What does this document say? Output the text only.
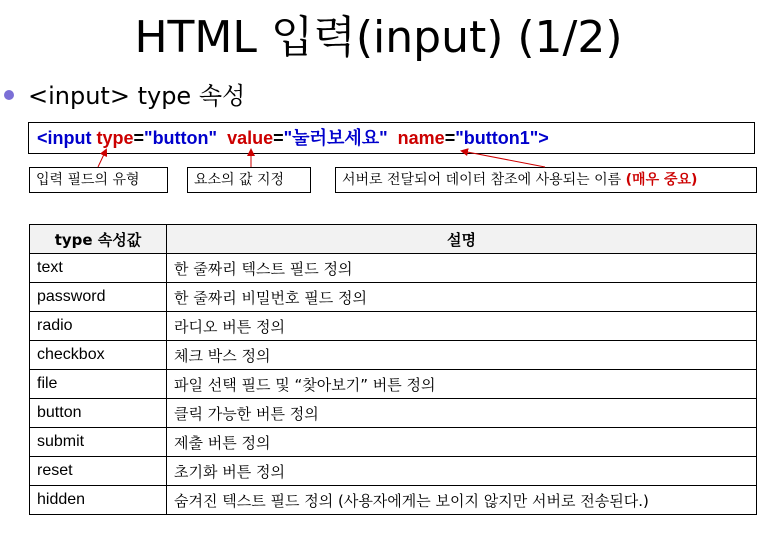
HTML 입력(input) (1/2)
<input> type 속성
<input type="button" value="눌러보세요" name="button1">
입력 필드의 유형	요소의 값 지정	서버로 전달되어 데이터 참조에 사용되는 이름 (매우 중요)
type 속성값	설명
text	한 줄짜리 텍스트 필드 정의
password	한 줄짜리 비밀번호 필드 정의
radio	라디오 버튼 정의
checkbox	체크 박스 정의
file	파일 선택 필드 및 “찾아보기” 버튼 정의
button	클릭 가능한 버튼 정의
submit	제출 버튼 정의
reset	초기화 버튼 정의
hidden	숨겨진 텍스트 필드 정의 (사용자에게는 보이지 않지만 서버로 전송된다.)
